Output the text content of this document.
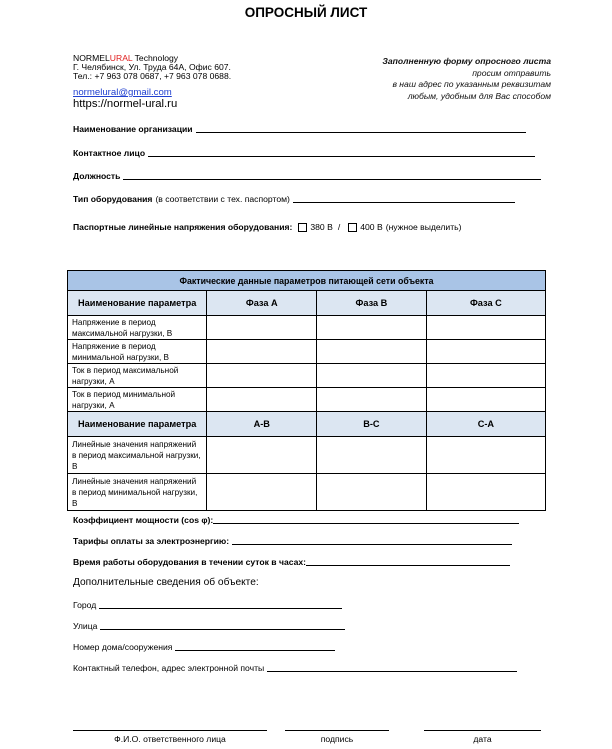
ОПРОСНЫЙ ЛИСТ
NORMELURAL Technology
Г. Челябинск, Ул. Труда 64А, Офис 607.
Тел.: +7 963 078 0687, +7 963 078 0688.
normelural@gmail.com
https://normel-ural.ru
Заполненную форму опросного листа
просим отправить
в наш адрес по указанным реквизитам
любым, удобным для Вас способом
Наименование организации
Контактное лицо
Должность
Тип оборудования (в соответствии с тех. паспортом)
Паспортные линейные напряжения оборудования: 380 В / 400 В (нужное выделить)
Фактические данные параметров питающей сети объекта			
Наименование параметра	Фаза А	Фаза В	Фаза С
Напряжение в период максимальной нагрузки, В			
Напряжение в период минимальной нагрузки, В			
Ток в период максимальной нагрузки, А			
Ток в период минимальной нагрузки, А			
Наименование параметра	А-В	В-С	С-А
Линейные значения напряжений в период максимальной нагрузки, В			
Линейные значения напряжений в период минимальной нагрузки, В			
Коэффициент мощности (cos φ):
Тарифы оплаты за электроэнергию:
Время работы оборудования в течении суток в часах:
Дополнительные сведения об объекте:
Город
Улица
Номер дома/сооружения
Контактный телефон, адрес электронной почты
Ф.И.О. ответственного лица	подпись	дата
